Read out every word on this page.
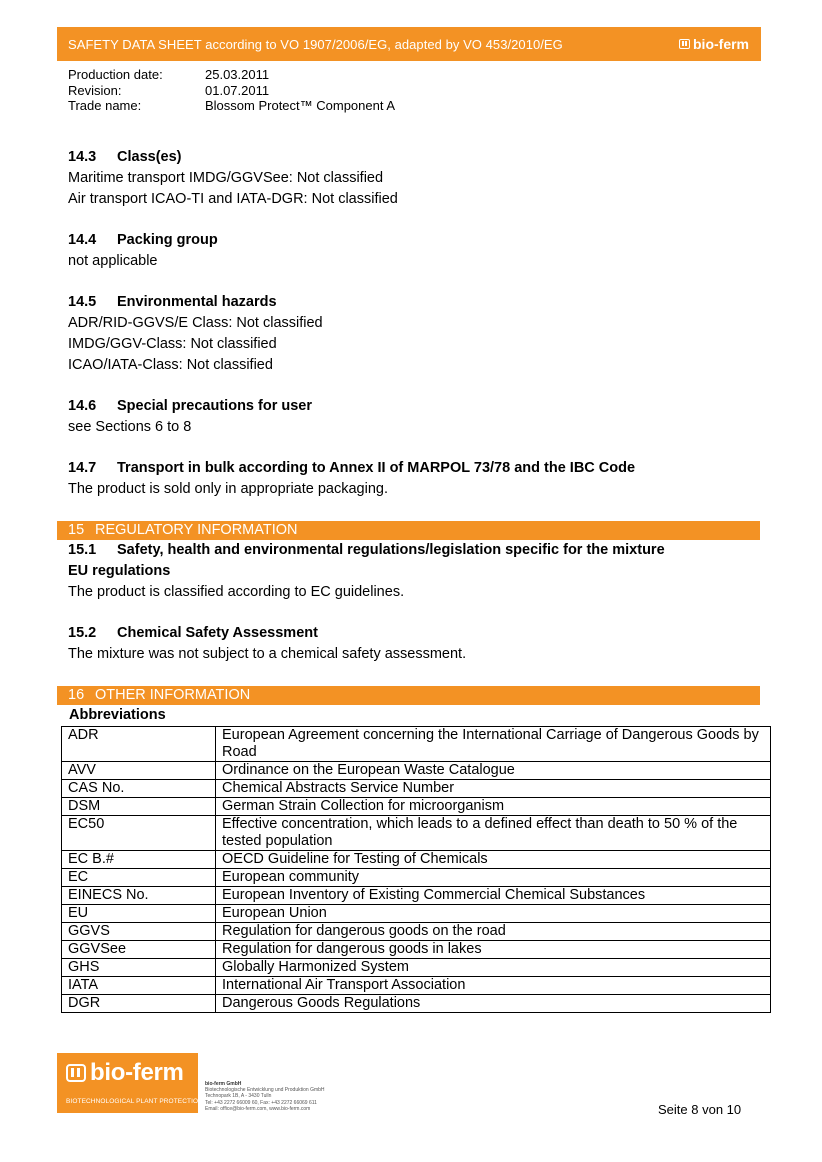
SAFETY DATA SHEET according to VO 1907/2006/EG, adapted by VO 453/2010/EG	bio-ferm
Production date:	25.03.2011
Revision:	01.07.2011
Trade name:	Blossom Protect™ Component A
14.3 Class(es)
Maritime transport IMDG/GGVSee: Not classified
Air transport ICAO-TI and IATA-DGR: Not classified
14.4 Packing group
not applicable
14.5 Environmental hazards
ADR/RID-GGVS/E Class: Not classified
IMDG/GGV-Class: Not classified
ICAO/IATA-Class: Not classified
14.6 Special precautions for user
see Sections 6 to 8
14.7 Transport in bulk according to Annex II of MARPOL 73/78 and the IBC Code
The product is sold only in appropriate packaging.
15 REGULATORY INFORMATION
15.1 Safety, health and environmental regulations/legislation specific for the mixture
EU regulations
The product is classified according to EC guidelines.
15.2 Chemical Safety Assessment
The mixture was not subject to a chemical safety assessment.
16 OTHER INFORMATION
Abbreviations
ADR	European Agreement concerning the International Carriage of Dangerous Goods by Road
AVV	Ordinance on the European Waste Catalogue
CAS No.	Chemical Abstracts Service Number
DSM	German Strain Collection for microorganism
EC50	Effective concentration, which leads to a defined effect than death to 50 % of the tested population
EC B.#	OECD Guideline for Testing of Chemicals
EC	European community
EINECS No.	European Inventory of Existing Commercial Chemical Substances
EU	European Union
GGVS	Regulation for dangerous goods on the road
GGVSee	Regulation for dangerous goods in lakes
GHS	Globally Harmonized System
IATA	International Air Transport Association
DGR	Dangerous Goods Regulations
bio-ferm
BIOTECHNOLOGICAL PLANT PROTECTION
bio-ferm GmbH
Biotechnologische Entwicklung und Produktion GmbH
Technopark 1B, A - 3430 Tulln
Tel: +43 2272 66009 60, Fax: +43 2272 66069 611
Email: office@bio-ferm.com, www.bio-ferm.com	Seite 8 von 10
